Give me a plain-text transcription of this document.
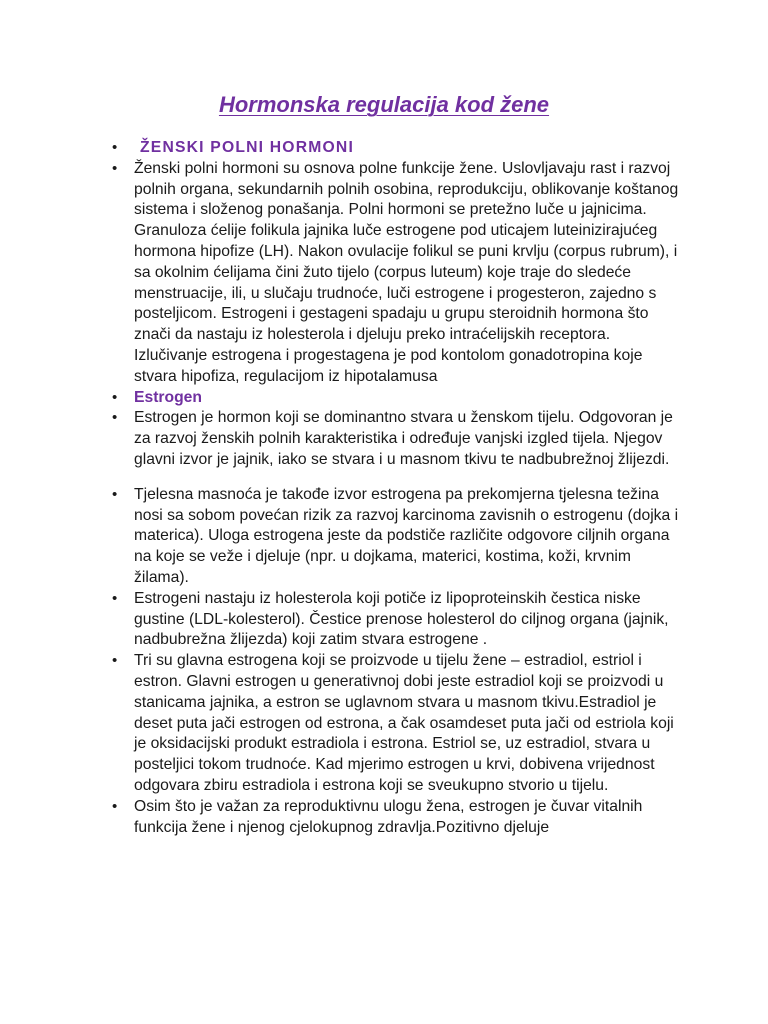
Hormonska regulacija kod žene
• ŽENSKI POLNI HORMONI
• Ženski polni hormoni su osnova polne funkcije žene. Uslovljavaju rast i razvoj polnih organa, sekundarnih polnih osobina, reprodukciju, oblikovanje koštanog sistema i složenog ponašanja. Polni hormoni se pretežno luče u jajnicima. Granuloza ćelije folikula jajnika luče estrogene pod uticajem luteinizirajućeg hormona hipofize (LH). Nakon ovulacije folikul se puni krvlju (corpus rubrum), i sa okolnim ćelijama čini žuto tijelo (corpus luteum) koje traje do sledeće menstruacije, ili, u slučaju trudnoće, luči estrogene i progesteron, zajedno s posteljicom. Estrogeni i gestageni spadaju u grupu steroidnih hormona što znači da nastaju iz holesterola i djeluju preko intraćelijskih receptora. Izlučivanje estrogena i progestagena je pod kontolom gonadotropina koje stvara hipofiza, regulacijom iz hipotalamusa
• Estrogen
• Estrogen je hormon koji se dominantno stvara u ženskom tijelu. Odgovoran je za razvoj ženskih polnih karakteristika i određuje vanjski izgled tijela. Njegov glavni izvor je jajnik, iako se stvara i u masnom tkivu te nadbubrežnoj žlijezdi.
• Tjelesna masnoća je takođe izvor estrogena pa prekomjerna tjelesna težina nosi sa sobom povećan rizik za razvoj karcinoma zavisnih o estrogenu (dojka i materica). Uloga estrogena jeste da podstiče različite odgovore ciljnih organa na koje se veže i djeluje (npr. u dojkama, materici, kostima, koži, krvnim žilama).
• Estrogeni nastaju iz holesterola koji potiče iz lipoproteinskih čestica niske gustine (LDL-kolesterol). Čestice prenose holesterol do ciljnog organa (jajnik, nadbubrežna žlijezda) koji zatim stvara estrogene .
• Tri su glavna estrogena koji se proizvode u tijelu žene – estradiol, estriol i estron. Glavni estrogen u generativnoj dobi jeste estradiol koji se proizvodi u stanicama jajnika, a estron se uglavnom stvara u masnom tkivu.Estradiol je deset puta jači estrogen od estrona, a čak osamdeset puta jači od estriola koji je oksidacijski produkt estradiola i estrona. Estriol se, uz estradiol, stvara u posteljici tokom trudnoće. Kad mjerimo estrogen u krvi, dobivena vrijednost odgovara zbiru estradiola i estrona koji se sveukupno stvorio u tijelu.
• Osim što je važan za reproduktivnu ulogu žena, estrogen je čuvar vitalnih funkcija žene i njenog cjelokupnog zdravlja.Pozitivno djeluje
